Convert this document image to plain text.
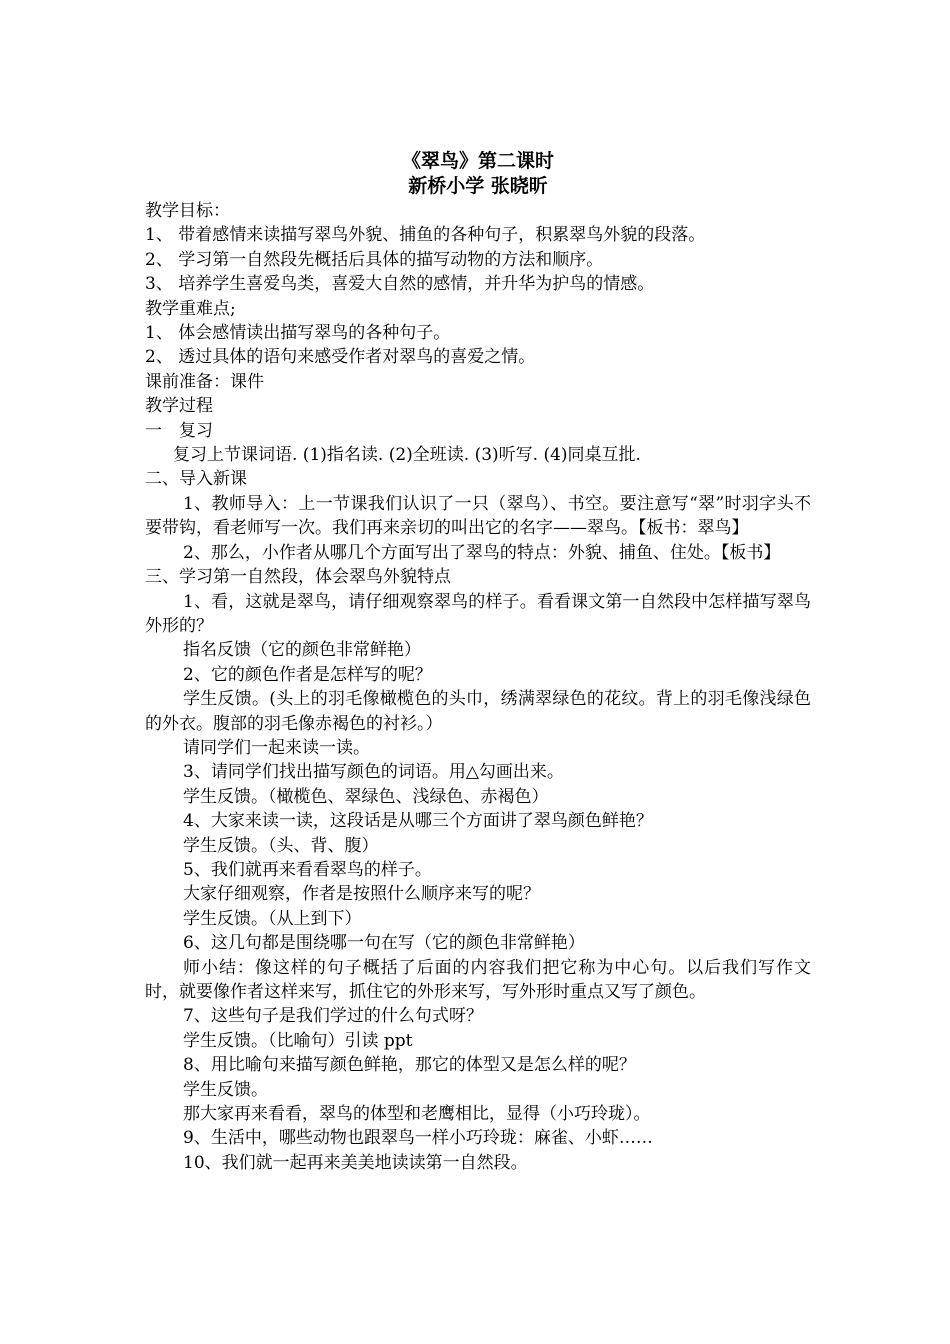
《翠鸟》第二课时
新桥小学 张晓昕
教学目标：
1、 带着感情来读描写翠鸟外貌、捕鱼的各种句子，积累翠鸟外貌的段落。
2、 学习第一自然段先概括后具体的描写动物的方法和顺序。
3、 培养学生喜爱鸟类，喜爱大自然的感情，并升华为护鸟的情感。
教学重难点;
1、 体会感情读出描写翠鸟的各种句子。
2、 透过具体的语句来感受作者对翠鸟的喜爱之情。
课前准备：课件
教学过程
一　复习
复习上节课词语. (1)指名读. (2)全班读. (3)听写. (4)同桌互批.
二、导入新课
1、教师导入：上一节课我们认识了一只（翠鸟）、书空。要注意写“翠”时羽字头不要带钩，看老师写一次。我们再来亲切的叫出它的名字——翠鸟。【板书：翠鸟】
2、那么，小作者从哪几个方面写出了翠鸟的特点：外貌、捕鱼、住处。【板书】
三、学习第一自然段，体会翠鸟外貌特点
1、看，这就是翠鸟，请仔细观察翠鸟的样子。看看课文第一自然段中怎样描写翠鸟外形的？
指名反馈（它的颜色非常鲜艳）
2、它的颜色作者是怎样写的呢？
学生反馈。(头上的羽毛像橄榄色的头巾，绣满翠绿色的花纹。背上的羽毛像浅绿色的外衣。腹部的羽毛像赤褐色的衬衫。）
请同学们一起来读一读。
3、请同学们找出描写颜色的词语。用△勾画出来。
学生反馈。（橄榄色、翠绿色、浅绿色、赤褐色）
4、大家来读一读，这段话是从哪三个方面讲了翠鸟颜色鲜艳？
学生反馈。（头、背、腹）
5、我们就再来看看翠鸟的样子。
大家仔细观察，作者是按照什么顺序来写的呢？
学生反馈。（从上到下）
6、这几句都是围绕哪一句在写（它的颜色非常鲜艳）
师小结：像这样的句子概括了后面的内容我们把它称为中心句。以后我们写作文时，就要像作者这样来写，抓住它的外形来写，写外形时重点又写了颜色。
7、这些句子是我们学过的什么句式呀？
学生反馈。（比喻句）引读 ppt
8、用比喻句来描写颜色鲜艳，那它的体型又是怎么样的呢？
学生反馈。
那大家再来看看，翠鸟的体型和老鹰相比，显得（小巧玲珑）。
9、生活中，哪些动物也跟翠鸟一样小巧玲珑：麻雀、小虾……
10、我们就一起再来美美地读读第一自然段。
